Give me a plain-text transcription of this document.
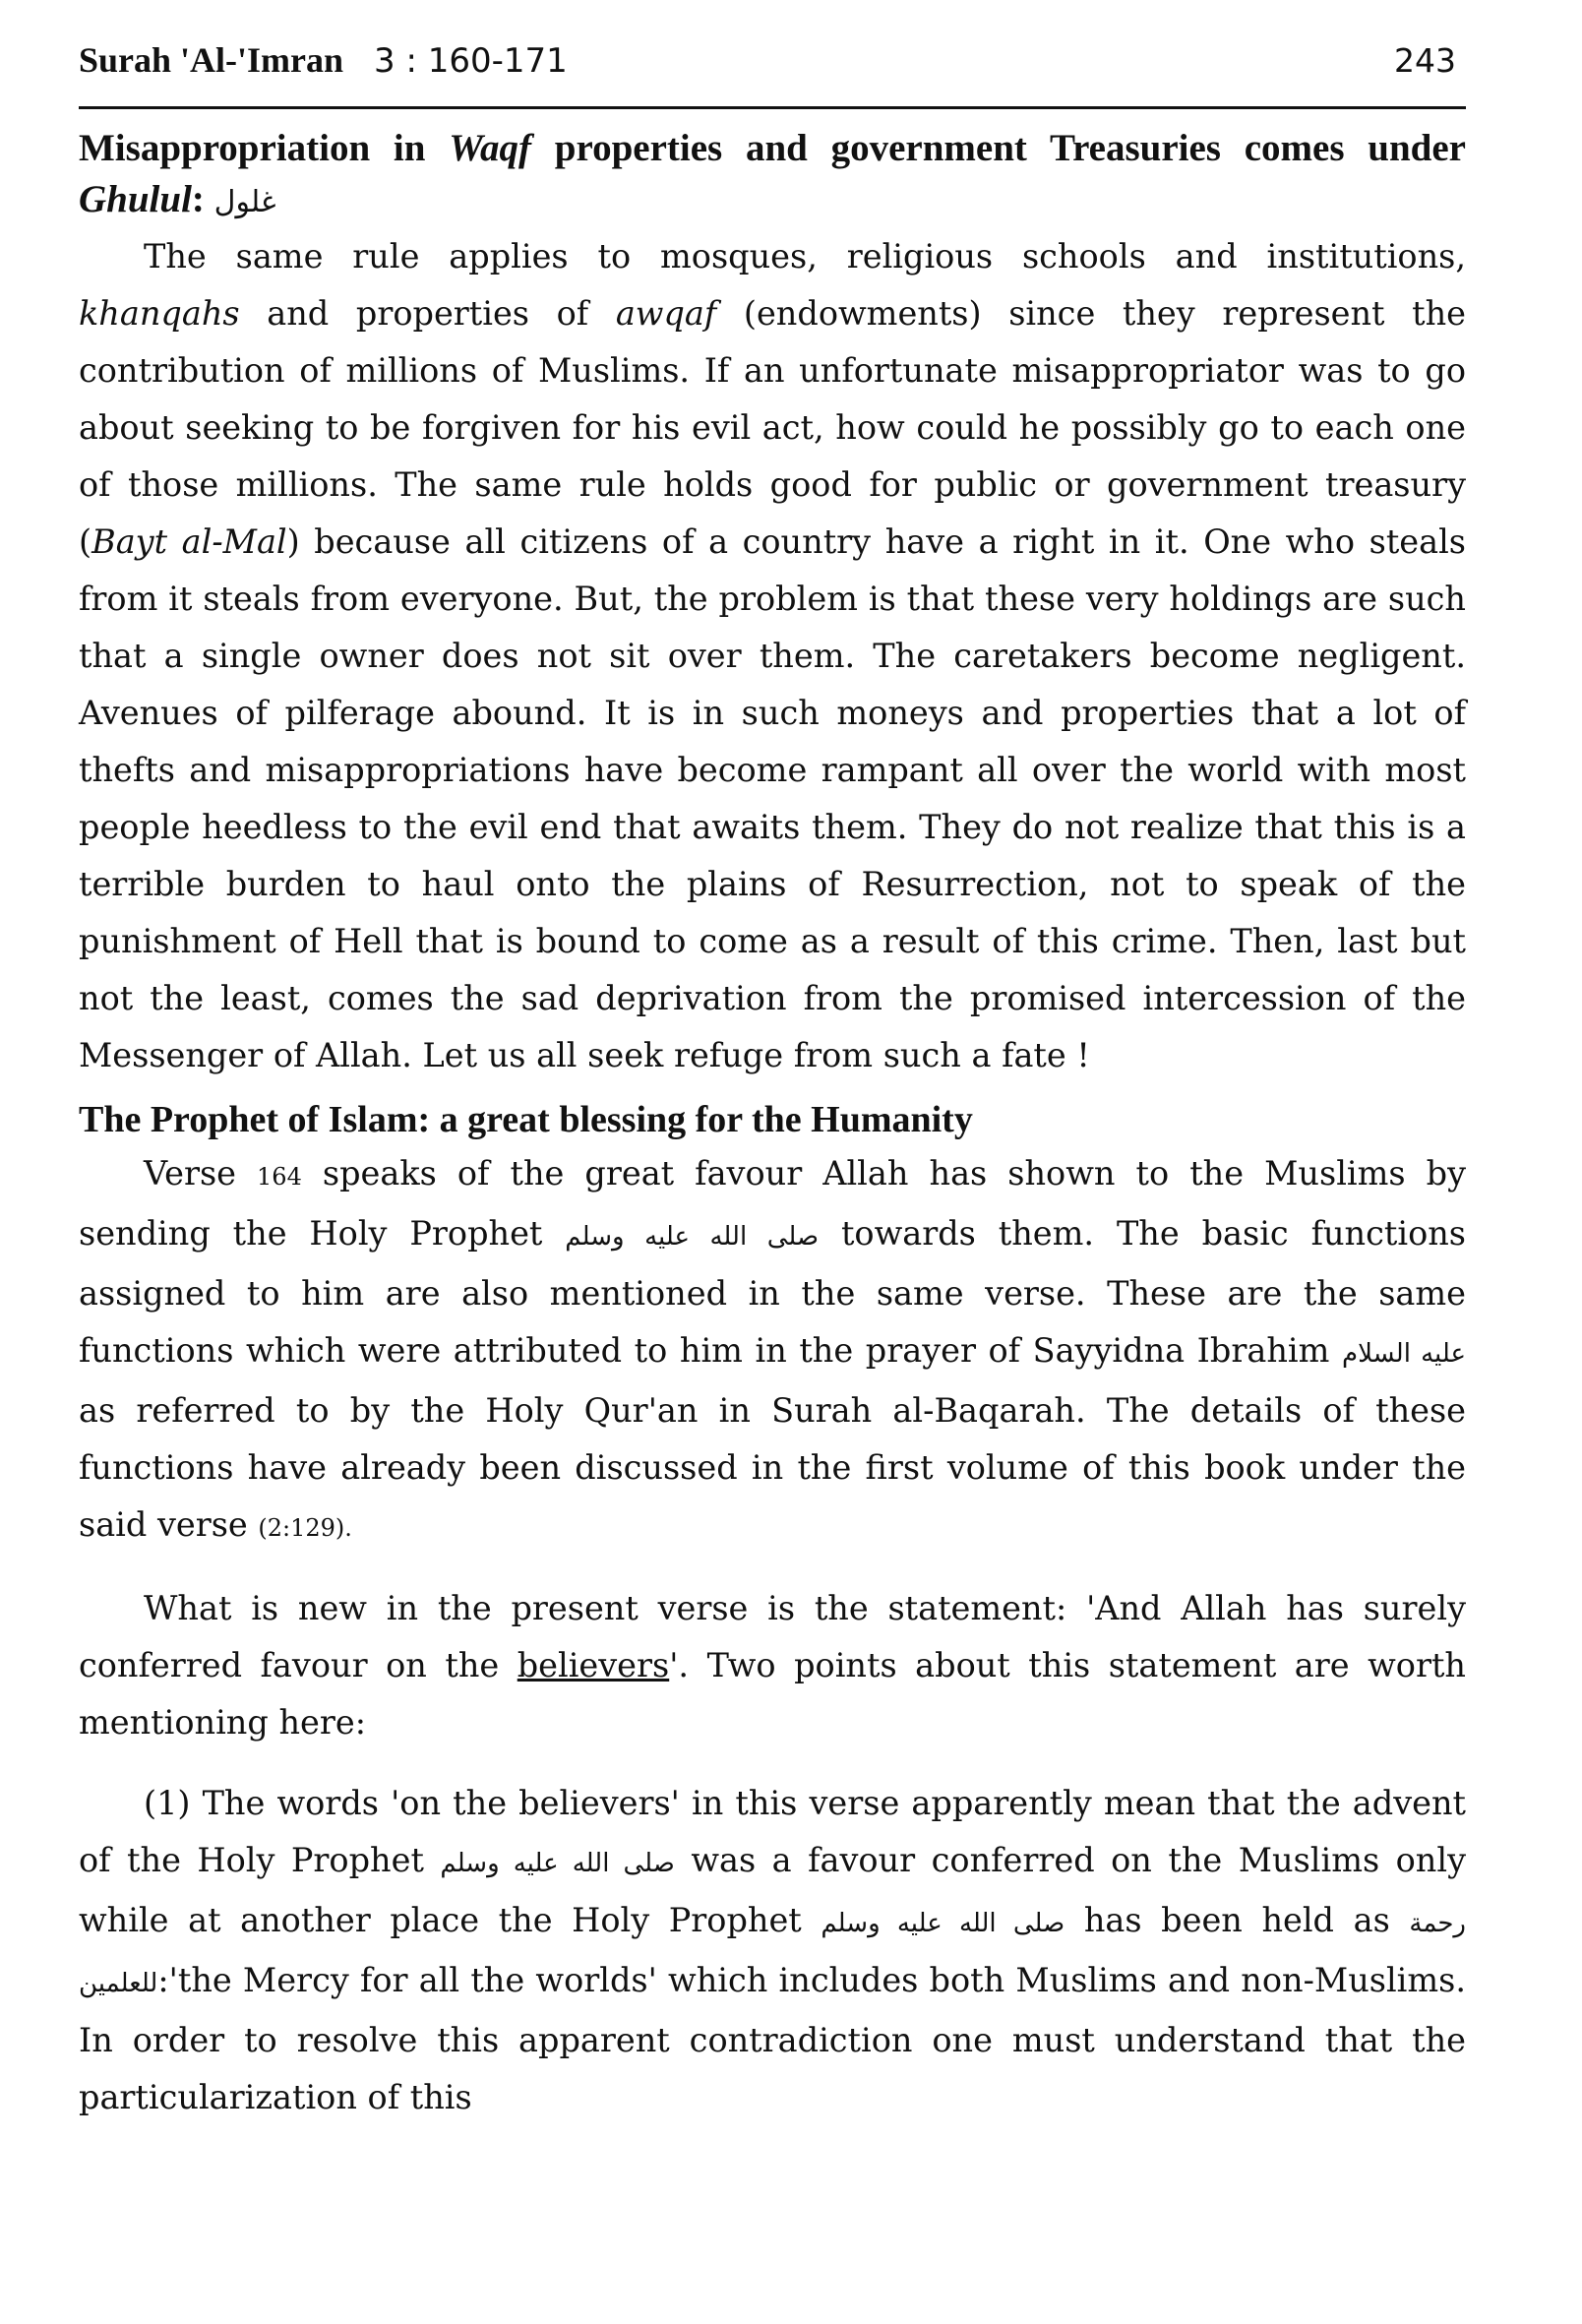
Surah 'Al-'Imran 3 : 160-171	243
Misappropriation in Waqf properties and government Treasuries comes under Ghulul: غلول

The same rule applies to mosques, religious schools and institutions, khanqahs and properties of awqaf (endowments) since they represent the contribution of millions of Muslims. If an unfortunate misappropriator was to go about seeking to be forgiven for his evil act, how could he possibly go to each one of those millions. The same rule holds good for public or government treasury (Bayt al-Mal) because all citizens of a country have a right in it. One who steals from it steals from everyone. But, the problem is that these very holdings are such that a single owner does not sit over them. The caretakers become negligent. Avenues of pilferage abound. It is in such moneys and properties that a lot of thefts and misappropriations have become rampant all over the world with most people heedless to the evil end that awaits them. They do not realize that this is a terrible burden to haul onto the plains of Resurrection, not to speak of the punishment of Hell that is bound to come as a result of this crime. Then, last but not the least, comes the sad deprivation from the promised intercession of the Messenger of Allah. Let us all seek refuge from such a fate !

The Prophet of Islam: a great blessing for the Humanity

Verse 164 speaks of the great favour Allah has shown to the Muslims by sending the Holy Prophet صلى الله عليه وسلم towards them. The basic functions assigned to him are also mentioned in the same verse. These are the same functions which were attributed to him in the prayer of Sayyidna Ibrahim عليه السلام as referred to by the Holy Qur'an in Surah al-Baqarah. The details of these functions have already been discussed in the first volume of this book under the said verse (2:129).

What is new in the present verse is the statement: 'And Allah has surely conferred favour on the believers'. Two points about this statement are worth mentioning here:

(1) The words 'on the believers' in this verse apparently mean that the advent of the Holy Prophet صلى الله عليه وسلم was a favour conferred on the Muslims only while at another place the Holy Prophet صلى الله عليه وسلم has been held as رحمة للعلمين:'the Mercy for all the worlds' which includes both Muslims and non-Muslims. In order to resolve this apparent contradiction one must understand that the particularization of this
